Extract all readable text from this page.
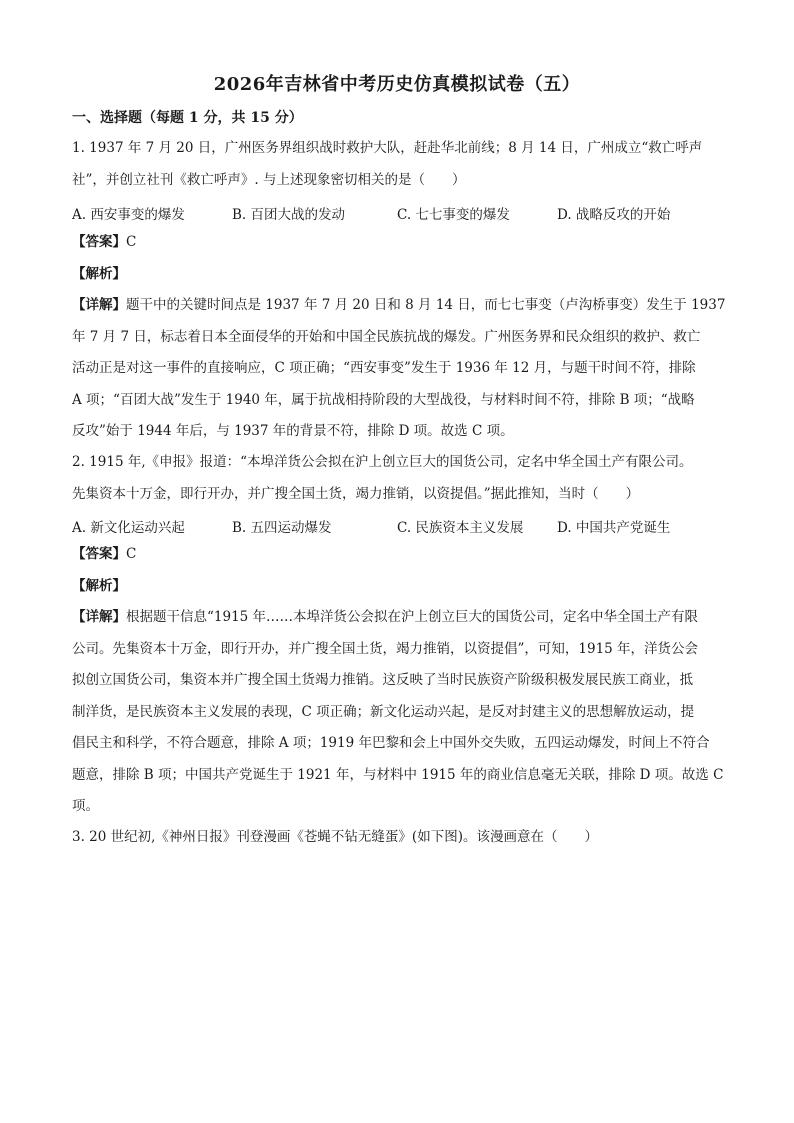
2026年吉林省中考历史仿真模拟试卷（五）
一、选择题（每题 1 分，共 15 分）
1. 1937 年 7 月 20 日，广州医务界组织战时救护大队，赶赴华北前线；8 月 14 日，广州成立“救亡呼声
社”，并创立社刊《救亡呼声》. 与上述现象密切相关的是（　　）
A. 西安事变的爆发	B. 百团大战的发动	C. 七七事变的爆发	D. 战略反攻的开始
【答案】C
【解析】
【详解】题干中的关键时间点是 1937 年 7 月 20 日和 8 月 14 日，而七七事变（卢沟桥事变）发生于 1937
年 7 月 7 日，标志着日本全面侵华的开始和中国全民族抗战的爆发。广州医务界和民众组织的救护、救亡
活动正是对这一事件的直接响应，C 项正确；“西安事变”发生于 1936 年 12 月，与题干时间不符，排除
A 项；“百团大战”发生于 1940 年，属于抗战相持阶段的大型战役，与材料时间不符，排除 B 项；“战略
反攻”始于 1944 年后，与 1937 年的背景不符，排除 D 项。故选 C 项。
2. 1915 年,《申报》报道：“本埠洋货公会拟在沪上创立巨大的国货公司，定名中华全国土产有限公司。
先集资本十万金，即行开办，并广搜全国土货，竭力推销，以资提倡。”据此推知，当时（　　）
A. 新文化运动兴起	B. 五四运动爆发	C. 民族资本主义发展 D. 中国共产党诞生
【答案】C
【解析】
【详解】根据题干信息“1915 年……本埠洋货公会拟在沪上创立巨大的国货公司，定名中华全国土产有限
公司。先集资本十万金，即行开办，并广搜全国土货，竭力推销，以资提倡”，可知，1915 年，洋货公会
拟创立国货公司，集资本并广搜全国土货竭力推销。这反映了当时民族资产阶级积极发展民族工商业，抵
制洋货，是民族资本主义发展的表现，C 项正确；新文化运动兴起，是反对封建主义的思想解放运动，提
倡民主和科学，不符合题意，排除 A 项；1919 年巴黎和会上中国外交失败，五四运动爆发，时间上不符合
题意，排除 B 项；中国共产党诞生于 1921 年，与材料中 1915 年的商业信息毫无关联，排除 D 项。故选 C
项。
3. 20 世纪初,《神州日报》刊登漫画《苍蝇不钻无缝蛋》(如下图)。该漫画意在（　　）
